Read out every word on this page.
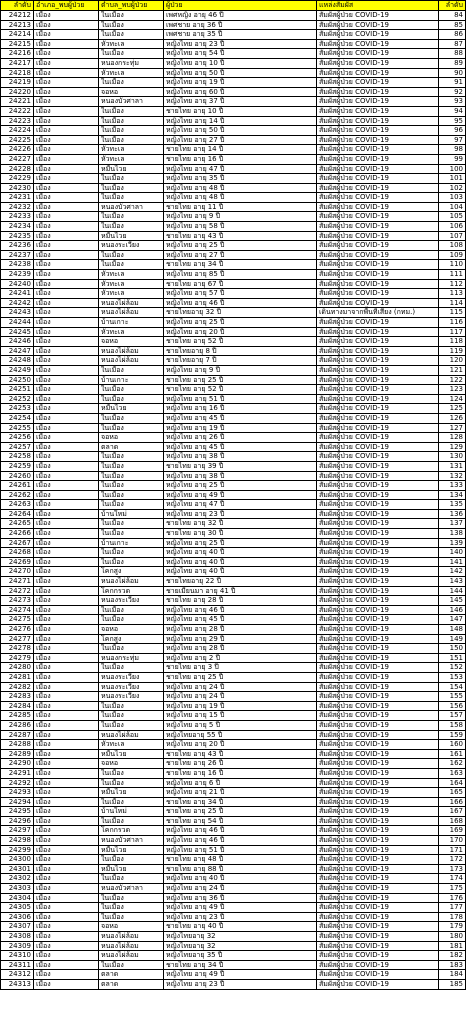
ลำดับ	อำเภอ_พบผู้ป่วย	ตำบล_พบผู้ป่วย	ผู้ป่วย	แหล่งสัมผัส	ลำดับ
24212	เมือง	ในเมือง	เพศหญิง อายุ 46 ปี	สัมผัสผู้ป่วย COVID-19	84
24213	เมือง	ในเมือง	เพศชาย อายุ 36 ปี	สัมผัสผู้ป่วย COVID-19	85
24214	เมือง	ในเมือง	เพศชาย อายุ 35 ปี	สัมผัสผู้ป่วย COVID-19	86
24215	เมือง	หัวทะเล	หญิงไทย อายุ 23 ปี	สัมผัสผู้ป่วย COVID-19	87
24216	เมือง	ในเมือง	หญิงไทย อายุ 54 ปี	สัมผัสผู้ป่วย COVID-19	88
24217	เมือง	หนองกระทุ่ม	หญิงไทย อายุ 10 ปี	สัมผัสผู้ป่วย COVID-19	89
24218	เมือง	หัวทะเล	หญิงไทย อายุ 50 ปี	สัมผัสผู้ป่วย COVID-19	90
24219	เมือง	ในเมือง	หญิงไทย อายุ 19 ปี	สัมผัสผู้ป่วย COVID-19	91
24220	เมือง	จอหอ	หญิงไทย อายุ 60 ปี	สัมผัสผู้ป่วย COVID-19	92
24221	เมือง	หนองบัวศาลา	หญิงไทย อายุ 37 ปี	สัมผัสผู้ป่วย COVID-19	93
24222	เมือง	ในเมือง	ชายไทย อายุ 10 ปี	สัมผัสผู้ป่วย COVID-19	94
24223	เมือง	ในเมือง	หญิงไทย อายุ 14 ปี	สัมผัสผู้ป่วย COVID-19	95
24224	เมือง	ในเมือง	หญิงไทย อายุ 50 ปี	สัมผัสผู้ป่วย COVID-19	96
24225	เมือง	ในเมือง	หญิงไทย อายุ 27 ปี	สัมผัสผู้ป่วย COVID-19	97
24226	เมือง	หัวทะเล	ชายไทย อายุ 14 ปี	สัมผัสผู้ป่วย COVID-19	98
24227	เมือง	หัวทะเล	ชายไทย อายุ 16 ปี	สัมผัสผู้ป่วย COVID-19	99
24228	เมือง	หมื่นไวย	หญิงไทย อายุ 47 ปี	สัมผัสผู้ป่วย COVID-19	100
24229	เมือง	ในเมือง	หญิงไทย อายุ 35 ปี	สัมผัสผู้ป่วย COVID-19	101
24230	เมือง	ในเมือง	หญิงไทย อายุ 48 ปี	สัมผัสผู้ป่วย COVID-19	102
24231	เมือง	ในเมือง	หญิงไทย อายุ 48 ปี	สัมผัสผู้ป่วย COVID-19	103
24232	เมือง	หนองบัวศาลา	ชายไทย อายุ 11 ปี	สัมผัสผู้ป่วย COVID-19	104
24233	เมือง	ในเมือง	หญิงไทย อายุ 9 ปี	สัมผัสผู้ป่วย COVID-19	105
24234	เมือง	ในเมือง	หญิงไทย อายุ 58 ปี	สัมผัสผู้ป่วย COVID-19	106
24235	เมือง	หมื่นไวย	ชายไทย อายุ 43 ปี	สัมผัสผู้ป่วย COVID-19	107
24236	เมือง	หนองระเวียง	หญิงไทย อายุ 25 ปี	สัมผัสผู้ป่วย COVID-19	108
24237	เมือง	ในเมือง	หญิงไทย อายุ 27 ปี	สัมผัสผู้ป่วย COVID-19	109
24238	เมือง	ในเมือง	ชายไทย อายุ 34 ปี	สัมผัสผู้ป่วย COVID-19	110
24239	เมือง	หัวทะเล	หญิงไทย อายุ 85 ปี	สัมผัสผู้ป่วย COVID-19	111
24240	เมือง	หัวทะเล	ชายไทย อายุ 67 ปี	สัมผัสผู้ป่วย COVID-19	112
24241	เมือง	หัวทะเล	หญิงไทย อายุ 57 ปี	สัมผัสผู้ป่วย COVID-19	113
24242	เมือง	หนองไผ่ล้อม	หญิงไทย อายุ 46 ปี	สัมผัสผู้ป่วย COVID-19	114
24243	เมือง	หนองไผ่ล้อม	ชายไทยอายุ 32 ปี	เดินทางมาจากพื้นที่เสี่ยง (กทม.)	115
24244	เมือง	บ้านเกาะ	หญิงไทย อายุ 25 ปี	สัมผัสผู้ป่วย COVID-19	116
24245	เมือง	หัวทะเล	หญิงไทย อายุ 20 ปี	สัมผัสผู้ป่วย COVID-19	117
24246	เมือง	จอหอ	ชายไทย อายุ 52 ปี	สัมผัสผู้ป่วย COVID-19	118
24247	เมือง	หนองไผ่ล้อม	ชายไทยอายุ 8 ปี	สัมผัสผู้ป่วย COVID-19	119
24248	เมือง	หนองไผ่ล้อม	ชายไทยอายุ 7 ปี	สัมผัสผู้ป่วย COVID-19	120
24249	เมือง	ในเมือง	หญิงไทย อายุ 9 ปี	สัมผัสผู้ป่วย COVID-19	121
24250	เมือง	บ้านเกาะ	ชายไทย อายุ 25 ปี	สัมผัสผู้ป่วย COVID-19	122
24251	เมือง	ในเมือง	ชายไทย อายุ 52 ปี	สัมผัสผู้ป่วย COVID-19	123
24252	เมือง	ในเมือง	หญิงไทย อายุ 51 ปี	สัมผัสผู้ป่วย COVID-19	124
24253	เมือง	หมื่นไวย	หญิงไทย อายุ 16 ปี	สัมผัสผู้ป่วย COVID-19	125
24254	เมือง	ในเมือง	หญิงไทย อายุ 45 ปี	สัมผัสผู้ป่วย COVID-19	126
24255	เมือง	ในเมือง	หญิงไทย อายุ 19 ปี	สัมผัสผู้ป่วย COVID-19	127
24256	เมือง	จอหอ	หญิงไทย อายุ 26 ปี	สัมผัสผู้ป่วย COVID-19	128
24257	เมือง	ตลาด	หญิงไทย อายุ 45 ปี	สัมผัสผู้ป่วย COVID-19	129
24258	เมือง	ในเมือง	หญิงไทย อายุ 38 ปี	สัมผัสผู้ป่วย COVID-19	130
24259	เมือง	ในเมือง	ชายไทย อายุ 39 ปี	สัมผัสผู้ป่วย COVID-19	131
24260	เมือง	ในเมือง	หญิงไทย อายุ 38 ปี	สัมผัสผู้ป่วย COVID-19	132
24261	เมือง	ในเมือง	หญิงไทย อายุ 25 ปี	สัมผัสผู้ป่วย COVID-19	133
24262	เมือง	ในเมือง	หญิงไทย อายุ 49 ปี	สัมผัสผู้ป่วย COVID-19	134
24263	เมือง	ในเมือง	หญิงไทย อายุ 47 ปี	สัมผัสผู้ป่วย COVID-19	135
24264	เมือง	บ้านใหม่	หญิงไทย อายุ 23 ปี	สัมผัสผู้ป่วย COVID-19	136
24265	เมือง	ในเมือง	ชายไทย อายุ 32 ปี	สัมผัสผู้ป่วย COVID-19	137
24266	เมือง	ในเมือง	ชายไทย อายุ 30 ปี	สัมผัสผู้ป่วย COVID-19	138
24267	เมือง	บ้านเกาะ	หญิงไทย อายุ 25 ปี	สัมผัสผู้ป่วย COVID-19	139
24268	เมือง	ในเมือง	หญิงไทย อายุ 40 ปี	สัมผัสผู้ป่วย COVID-19	140
24269	เมือง	ในเมือง	หญิงไทย อายุ 40 ปี	สัมผัสผู้ป่วย COVID-19	141
24270	เมือง	โคกสูง	หญิงไทย อายุ 40 ปี	สัมผัสผู้ป่วย COVID-19	142
24271	เมือง	หนองไผ่ล้อม	ชายไทยอายุ 22 ปี	สัมผัสผู้ป่วย COVID-19	143
24272	เมือง	โคกกรวด	ชายเมียนมา อายุ 41 ปี	สัมผัสผู้ป่วย COVID-19	144
24273	เมือง	หนองระเวียง	ชายไทย อายุ 28 ปี	สัมผัสผู้ป่วย COVID-19	145
24274	เมือง	ในเมือง	หญิงไทย อายุ 46 ปี	สัมผัสผู้ป่วย COVID-19	146
24275	เมือง	ในเมือง	หญิงไทย อายุ 45 ปี	สัมผัสผู้ป่วย COVID-19	147
24276	เมือง	จอหอ	หญิงไทย อายุ 28 ปี	สัมผัสผู้ป่วย COVID-19	148
24277	เมือง	โคกสูง	หญิงไทย อายุ 29 ปี	สัมผัสผู้ป่วย COVID-19	149
24278	เมือง	ในเมือง	หญิงไทย อายุ 28 ปี	สัมผัสผู้ป่วย COVID-19	150
24279	เมือง	หนองกระทุ่ม	หญิงไทย อายุ 2 ปี	สัมผัสผู้ป่วย COVID-19	151
24280	เมือง	ในเมือง	ชายไทย อายุ 3 ปี	สัมผัสผู้ป่วย COVID-19	152
24281	เมือง	หนองระเวียง	ชายไทย อายุ 25 ปี	สัมผัสผู้ป่วย COVID-19	153
24282	เมือง	หนองระเวียง	หญิงไทย อายุ 24 ปี	สัมผัสผู้ป่วย COVID-19	154
24283	เมือง	หนองระเวียง	หญิงไทย อายุ 24 ปี	สัมผัสผู้ป่วย COVID-19	155
24284	เมือง	ในเมือง	หญิงไทย อายุ 19 ปี	สัมผัสผู้ป่วย COVID-19	156
24285	เมือง	ในเมือง	หญิงไทย อายุ 15 ปี	สัมผัสผู้ป่วย COVID-19	157
24286	เมือง	ในเมือง	หญิงไทย อายุ 5 ปี	สัมผัสผู้ป่วย COVID-19	158
24287	เมือง	หนองไผ่ล้อม	หญิงไทยอายุ 55 ปี	สัมผัสผู้ป่วย COVID-19	159
24288	เมือง	หัวทะเล	หญิงไทย อายุ 20 ปี	สัมผัสผู้ป่วย COVID-19	160
24289	เมือง	หมื่นไวย	ชายไทย อายุ 43 ปี	สัมผัสผู้ป่วย COVID-19	161
24290	เมือง	จอหอ	ชายไทย อายุ 26 ปี	สัมผัสผู้ป่วย COVID-19	162
24291	เมือง	ในเมือง	ชายไทย อายุ 16 ปี	สัมผัสผู้ป่วย COVID-19	163
24292	เมือง	ในเมือง	หญิงไทย อายุ 6 ปี	สัมผัสผู้ป่วย COVID-19	164
24293	เมือง	หมื่นไวย	หญิงไทย อายุ 21 ปี	สัมผัสผู้ป่วย COVID-19	165
24294	เมือง	ในเมือง	ชายไทย อายุ 34 ปี	สัมผัสผู้ป่วย COVID-19	166
24295	เมือง	บ้านใหม่	ชายไทย อายุ 25 ปี	สัมผัสผู้ป่วย COVID-19	167
24296	เมือง	ในเมือง	ชายไทย อายุ 54 ปี	สัมผัสผู้ป่วย COVID-19	168
24297	เมือง	โคกกรวด	หญิงไทย อายุ 46 ปี	สัมผัสผู้ป่วย COVID-19	169
24298	เมือง	หนองบัวศาลา	หญิงไทย อายุ 46 ปี	สัมผัสผู้ป่วย COVID-19	170
24299	เมือง	หมื่นไวย	หญิงไทย อายุ 51 ปี	สัมผัสผู้ป่วย COVID-19	171
24300	เมือง	ในเมือง	ชายไทย อายุ 48 ปี	สัมผัสผู้ป่วย COVID-19	172
24301	เมือง	หมื่นไวย	ชายไทย อายุ 88 ปี	สัมผัสผู้ป่วย COVID-19	173
24302	เมือง	ในเมือง	หญิงไทย อายุ 40 ปี	สัมผัสผู้ป่วย COVID-19	174
24303	เมือง	หนองบัวศาลา	หญิงไทย อายุ 24 ปี	สัมผัสผู้ป่วย COVID-19	175
24304	เมือง	ในเมือง	หญิงไทย อายุ 36 ปี	สัมผัสผู้ป่วย COVID-19	176
24305	เมือง	ในเมือง	หญิงไทย อายุ 49 ปี	สัมผัสผู้ป่วย COVID-19	177
24306	เมือง	ในเมือง	หญิงไทย อายุ 23 ปี	สัมผัสผู้ป่วย COVID-19	178
24307	เมือง	จอหอ	ชายไทย อายุ 40 ปี	สัมผัสผู้ป่วย COVID-19	179
24308	เมือง	หนองไผ่ล้อม	หญิงไทยอายุ 32	สัมผัสผู้ป่วย COVID-19	180
24309	เมือง	หนองไผ่ล้อม	หญิงไทยอายุ 32	สัมผัสผู้ป่วย COVID-19	181
24310	เมือง	หนองไผ่ล้อม	หญิงไทยอายุ 35 ปี	สัมผัสผู้ป่วย COVID-19	182
24311	เมือง	ในเมือง	ชายไทย อายุ 34 ปี	สัมผัสผู้ป่วย COVID-19	183
24312	เมือง	ตลาด	หญิงไทย อายุ 49 ปี	สัมผัสผู้ป่วย COVID-19	184
24313	เมือง	ตลาด	หญิงไทย อายุ 23 ปี	สัมผัสผู้ป่วย COVID-19	185
